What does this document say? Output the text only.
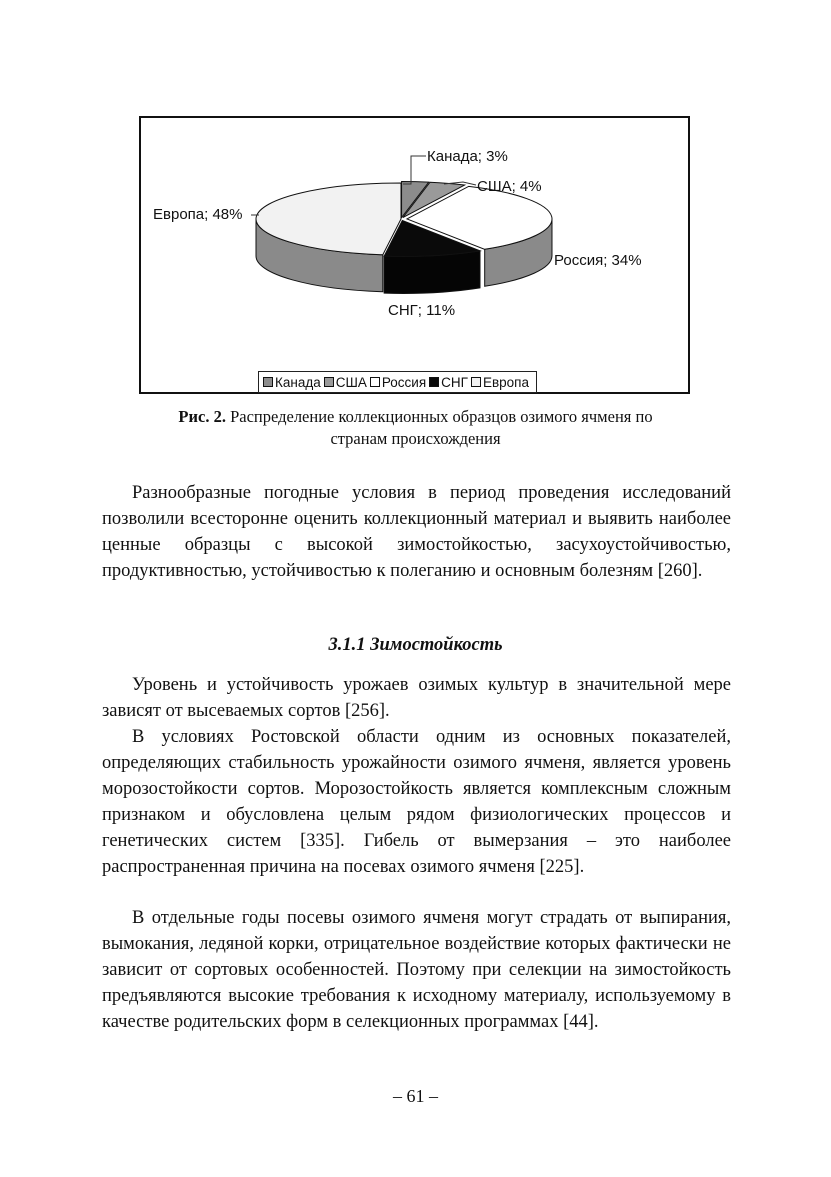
Канада; 3%
США; 4%
Россия; 34%
СНГ; 11%
Европа; 48%
Канада США Россия СНГ Европа
Рис. 2. Распределение коллекционных образцов озимого ячменя по
странам происхождения

Разнообразные погодные условия в период проведения исследований позволили всесторонне оценить коллекционный материал и выявить наиболее ценные образцы с высокой зимостойкостью, засухоустойчивостью, продуктивностью, устойчивостью к полеганию и основным болезням [260].

3.1.1 Зимостойкость

Уровень и устойчивость урожаев озимых культур в значительной мере зависят от высеваемых сортов [256].

В условиях Ростовской области одним из основных показателей, определяющих стабильность урожайности озимого ячменя, является уровень морозостойкости сортов. Морозостойкость является комплексным сложным признаком и обусловлена целым рядом физиологических процессов и генетических систем [335]. Гибель от вымерзания – это наиболее распространенная причина на посевах озимого ячменя [225].

В отдельные годы посевы озимого ячменя могут страдать от выпирания, вымокания, ледяной корки, отрицательное воздействие которых фактически не зависит от сортовых особенностей. Поэтому при селекции на зимостойкость предъявляются высокие требования к исходному материалу, используемому в качестве родительских форм в селекционных программах [44].

– 61 –
